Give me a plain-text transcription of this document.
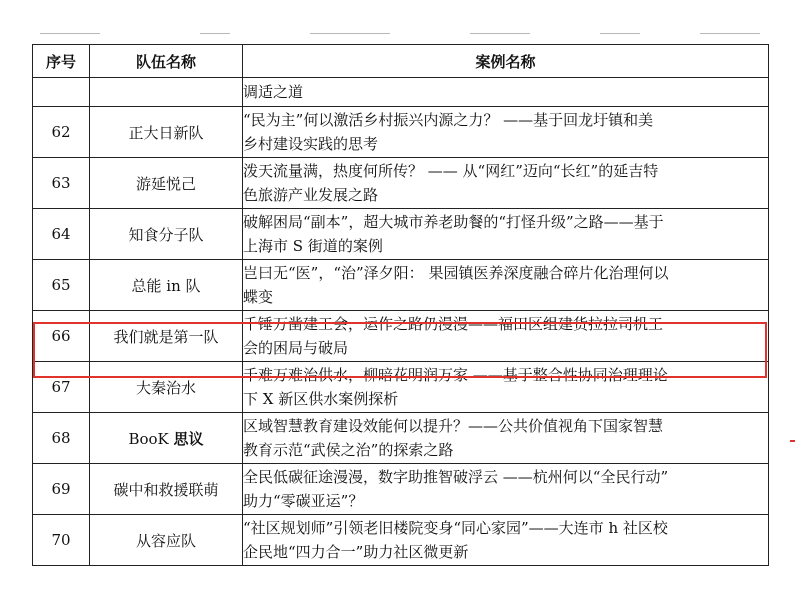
序号	队伍名称	案例名称
		调适之道
62	正大日新队	“民为主”何以激活乡村振兴内源之力？ ——基于回龙圩镇和美
乡村建设实践的思考
63	游延悦己	泼天流量满，热度何所传？ —— 从“网红”迈向“长红”的延吉特
色旅游产业发展之路
64	知食分子队	破解困局“副本”，超大城市养老助餐的“打怪升级”之路——基于
上海市 S 街道的案例
65	总能 in 队	岂曰无“医”，“治”泽夕阳： 果园镇医养深度融合碎片化治理何以
蝶变
66	我们就是第一队	千锤万凿建工会，运作之路仍漫漫——福田区组建货拉拉司机工
会的困局与破局
67	大秦治水	千难万难治供水，柳暗花明润万家 ——基于整合性协同治理理论
下 X 新区供水案例探析
68	BooK 思议	区域智慧教育建设效能何以提升？——公共价值视角下国家智慧
教育示范“武侯之治”的探索之路
69	碳中和救援联萌	全民低碳征途漫漫，数字助推智破浮云 ——杭州何以“全民行动”
助力“零碳亚运”？
70	从容应队	“社区规划师”引领老旧楼院变身“同心家园”——大连市 h 社区校
企民地“四力合一”助力社区微更新
